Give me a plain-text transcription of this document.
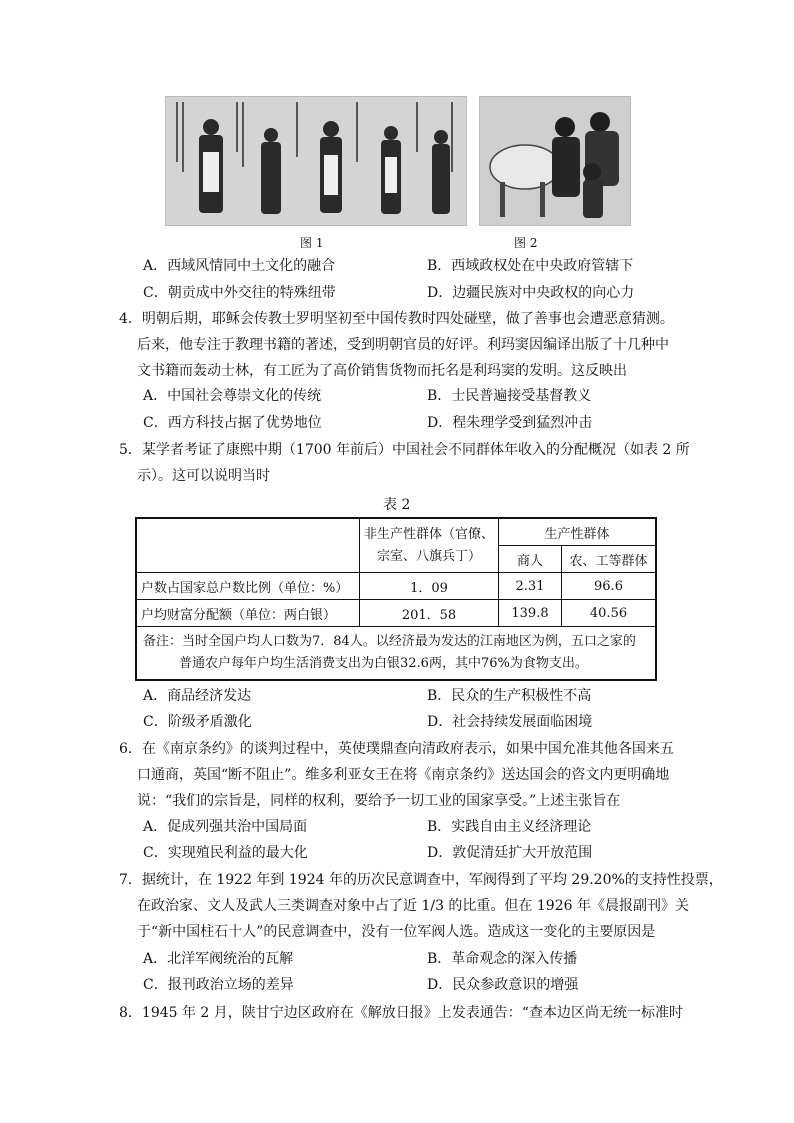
图 1	图 2
A．西域风情同中土文化的融合	B．西域政权处在中央政府管辖下
C．朝贡成中外交往的特殊纽带	D．边疆民族对中央政权的向心力
4．明朝后期，耶稣会传教士罗明坚初至中国传教时四处碰壁，做了善事也会遭恶意猜测。
后来，他专注于教理书籍的著述，受到明朝官员的好评。利玛窦因编译出版了十几种中
文书籍而轰动士林，有工匠为了高价销售货物而托名是利玛窦的发明。这反映出
A．中国社会尊崇文化的传统	B．士民普遍接受基督教义
C．西方科技占据了优势地位	D．程朱理学受到猛烈冲击
5．某学者考证了康熙中期（1700 年前后）中国社会不同群体年收入的分配概况（如表 2 所
示）。这可以说明当时
表 2
	非生产性群体（官僚、
宗室、八旗兵丁）	生产性群体	
		商人	农、工等群体
户数占国家总户数比例（单位：%）	1．09	2.31	96.6
户均财富分配额（单位：两白银）	201．58	139.8	40.56
备注：当时全国户均人口数为7．84人。以经济最为发达的江南地区为例，五口之家的
普通农户每年户均生活消费支出为白银32.6两，其中76%为食物支出。			
A．商品经济发达	B．民众的生产积极性不高
C．阶级矛盾激化	D．社会持续发展面临困境
6．在《南京条约》的谈判过程中，英使璞鼎查向清政府表示，如果中国允准其他各国来五
口通商，英国“断不阻止”。维多利亚女王在将《南京条约》送达国会的咨文内更明确地
说：“我们的宗旨是，同样的权利，要给予一切工业的国家享受。”上述主张旨在
A．促成列强共治中国局面	B．实践自由主义经济理论
C．实现殖民利益的最大化	D．敦促清廷扩大开放范围
7．据统计，在 1922 年到 1924 年的历次民意调查中，军阀得到了平均 29.20%的支持性投票，
在政治家、文人及武人三类调查对象中占了近 1/3 的比重。但在 1926 年《晨报副刊》关
于“新中国柱石十人”的民意调查中，没有一位军阀人选。造成这一变化的主要原因是
A．北洋军阀统治的瓦解	B．革命观念的深入传播
C．报刊政治立场的差异	D．民众参政意识的增强
8．1945 年 2 月，陕甘宁边区政府在《解放日报》上发表通告：“查本边区尚无统一标准时
